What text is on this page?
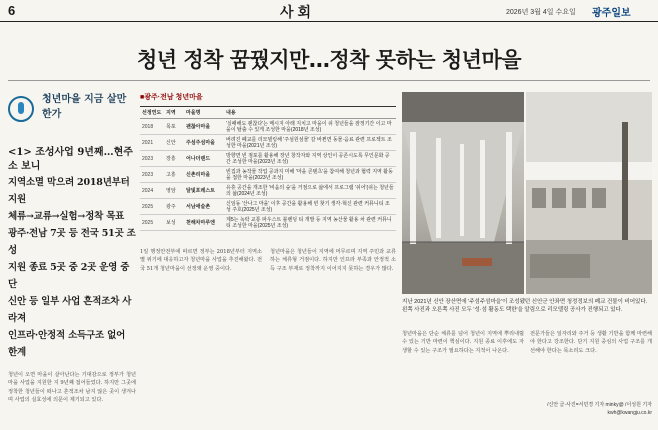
6	사회	2026년 3월 4일 수요일 광주일보
청년 정착 꿈꿨지만…정착 못하는 청년마을
청년마을 지금 살만한가
<1> 조성사업 9년째…현주소 보니
지역소멸 막으려 2018년부터 지원
체류→교류→실험→정착 목표
광주·전남 7곳 등 전국 51곳 조성
지원 종료 5곳 중 2곳 운영 중단
신안 등 일부 사업 흔적조차 사라져
인프라·안정적 소득구조 없어 한계
청년이 오면 마을이 살아난다는 기대감으로 정부가 청년마을 사업을 지원한 지 9년째 접어들었다. 하지만 그곳에 정착한 청년들이 떠나고 흔적조차 남지 않은 곳이 생겨나며 사업의 실효성에 의문이 제기되고 있다.
■광주·전남 청년마을
선정연도	지역	마을명	내용
2018	목포	괜찮아마을	'실패해도 괜찮다'는 메시지 아래 지치고 마을이 쉬 청년들을 잠정기간 이고 마을이 탈출 수 있게 조성한 마을(2018년 조성)
2021	신안	주섬주섬마을	버려진 폐교를 리모델링해 '주섬원섬물' 갈 바뀐면 동물·음료 관련 프로젝트 조성한 마을(2021년 조성)
2023	장흥	어나더랜드	방향면 빈 점포를 활용해 장년 창작자와 지역 상인이 공존시도록 무인문화 공간 조성한 마을(2023년 조성)
2023	고흥	신촌리마을	빈집과 농작물 작업 공과지 미해 '마을 콘텐츠'을 참여해 청년과 협력 지역 활동을 접한 마을(2023년 조성)
2024	영암	달빛포레스트	유휴 공간을 개조한 '비움의 숲'을 거점으로 삶에서 프로그램 '쉬어'(쉬는 청년들의 삶(2024년 조성)
2025	광주	서남애술촌	신임동 '산나그 마을' 이후 공간을 활용해 빈 찾기 생각·혁신 관련 커뮤니티 조성 주호(2025년 조성)
2025	보성	천해차마루엔	제5는 녹락 교통 파우스트 블렌딩 티 개발 등 지역 농산물 활용 차 관련 커뮤니티 조성한 마을(2025년 조성)
1일 행정안전부에 따르면 정부는 2018년부터 지역소멸 위기에 대응하고자 청년마을 사업을 추진해왔다. 전국 51개 청년마을이 선정돼 운영 중이다.
청년마을은 청년들이 지역에 머무르며 지역 주민과 교류하는 체류형 거점이다. 하지만 인프라 부족과 안정적 소득 구조 부재로 정착까지 이어지지 못하는 경우가 많다.
지난 2021년 신안 장산면에 '주섬주섬마을'이 조성됐던 신안군 안좌면 청정정보의 폐교 건물이 비어있다. 왼쪽 사진과 오른쪽 사진 모두 '성·섬 활동도 택한'을 알림으로 리모델링 공사가 진행되고 있다.
청년마을은 단순 체류를 넘어 청년이 지역에 뿌리내릴 수 있는 기반 마련이 핵심이다. 지원 종료 이후에도 자생할 수 있는 구조가 필요하다는 지적이 나온다.
전문가들은 일자리와 주거 등 생활 기반을 함께 마련해야 한다고 강조한다. 단기 지원 중심의 사업 구조를 개선해야 한다는 목소리도 크다.
/신안 글·사진=서민경 기자 minky@ /이성원 기자 kwh@kwangju.co.kr
